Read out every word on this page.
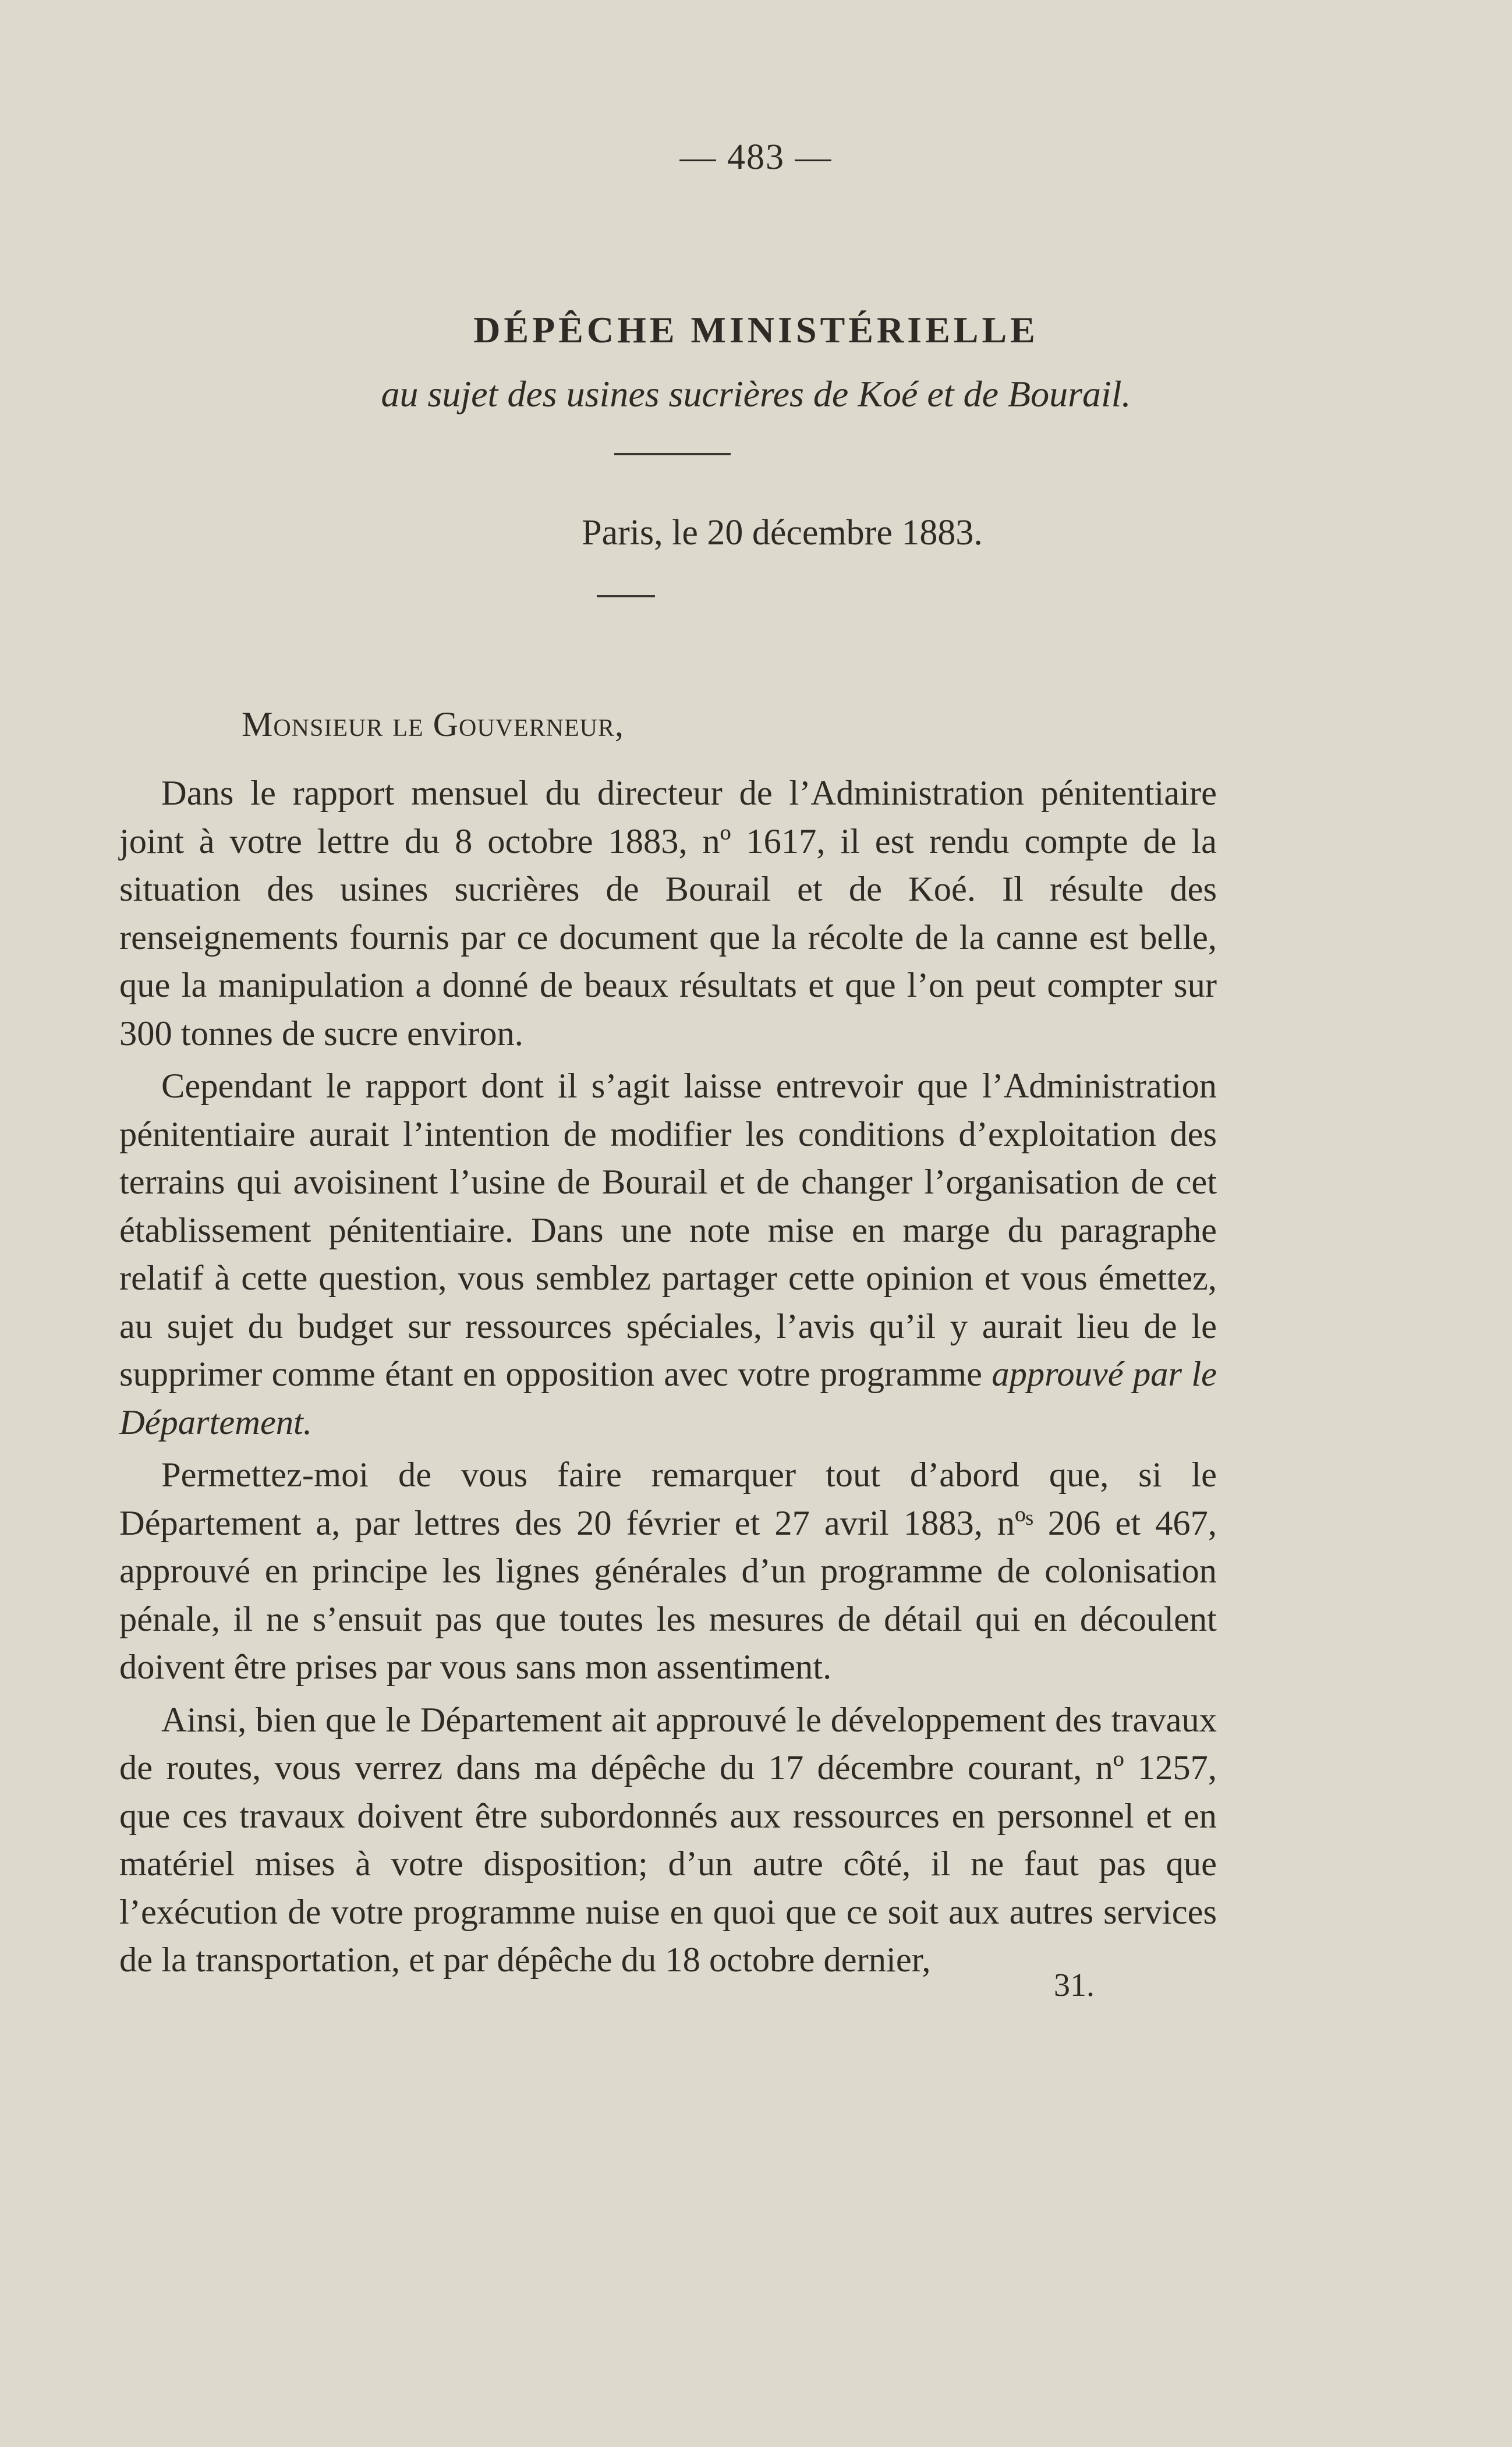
— 483 —
DÉPÊCHE MINISTÉRIELLE
au sujet des usines sucrières de Koé et de Bourail.
Paris, le 20 décembre 1883.
Monsieur le Gouverneur,

Dans le rapport mensuel du directeur de l’Administration pénitentiaire joint à votre lettre du 8 octobre 1883, nº 1617, il est rendu compte de la situation des usines sucrières de Bourail et de Koé. Il résulte des renseignements fournis par ce document que la récolte de la canne est belle, que la manipulation a donné de beaux résultats et que l’on peut compter sur 300 tonnes de sucre environ.

Cependant le rapport dont il s’agit laisse entrevoir que l’Administration pénitentiaire aurait l’intention de modifier les conditions d’exploitation des terrains qui avoisinent l’usine de Bourail et de changer l’organisation de cet établissement pénitentiaire. Dans une note mise en marge du paragraphe relatif à cette question, vous semblez partager cette opinion et vous émettez, au sujet du budget sur ressources spéciales, l’avis qu’il y aurait lieu de le supprimer comme étant en opposition avec votre programme approuvé par le Département.

Permettez-moi de vous faire remarquer tout d’abord que, si le Département a, par lettres des 20 février et 27 avril 1883, nºˢ 206 et 467, approuvé en principe les lignes générales d’un programme de colonisation pénale, il ne s’ensuit pas que toutes les mesures de détail qui en découlent doivent être prises par vous sans mon assentiment.

Ainsi, bien que le Département ait approuvé le développement des travaux de routes, vous verrez dans ma dépêche du 17 décembre courant, nº 1257, que ces travaux doivent être subordonnés aux ressources en personnel et en matériel mises à votre disposition; d’un autre côté, il ne faut pas que l’exécution de votre programme nuise en quoi que ce soit aux autres services de la transportation, et par dépêche du 18 octobre dernier,

31.
